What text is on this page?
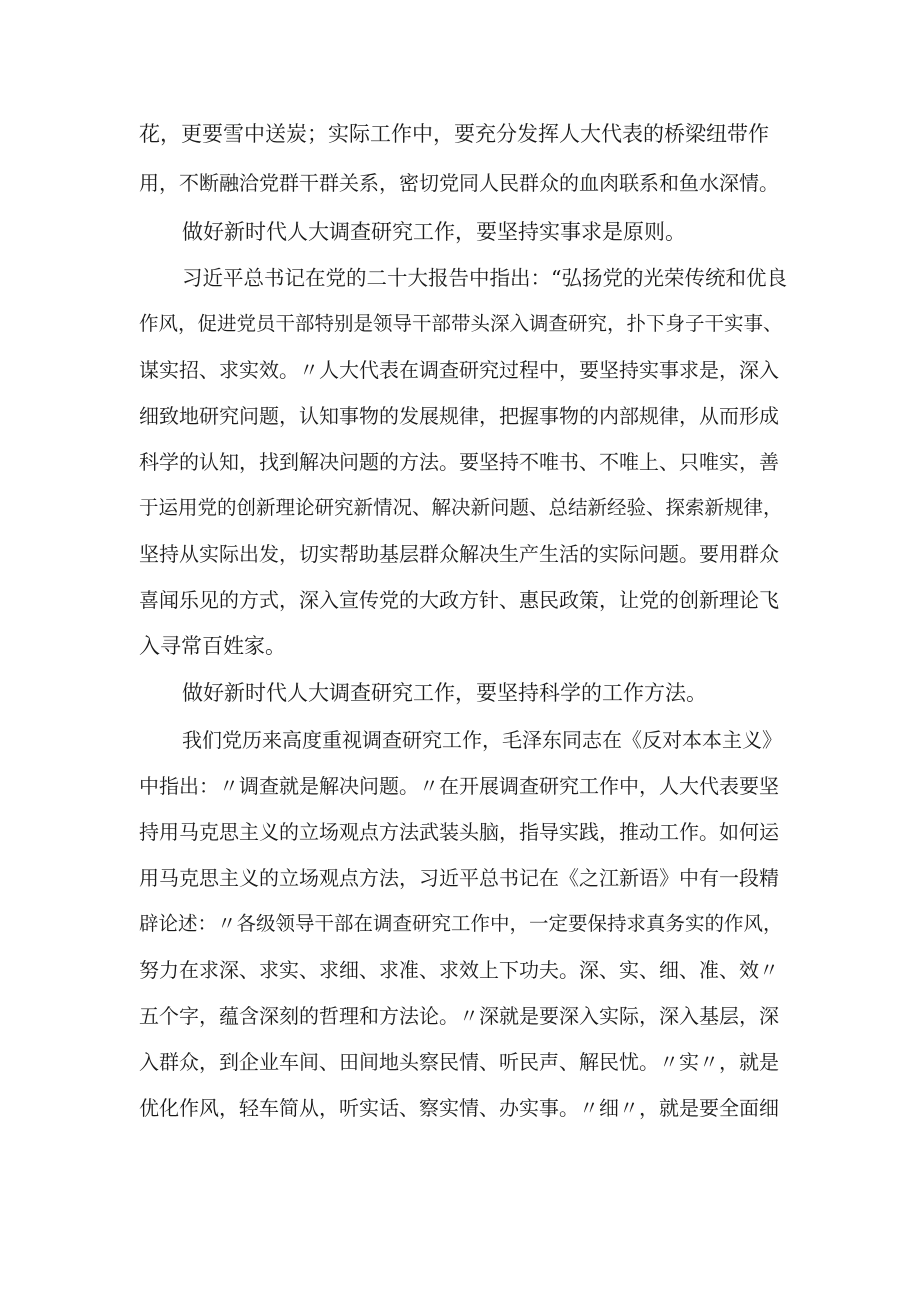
花，更要雪中送炭；实际工作中，要充分发挥人大代表的桥梁纽带作
用，不断融洽党群干群关系，密切党同人民群众的血肉联系和鱼水深情。
做好新时代人大调查研究工作，要坚持实事求是原则。
习近平总书记在党的二十大报告中指出：“弘扬党的光荣传统和优良
作风，促进党员干部特别是领导干部带头深入调查研究，扑下身子干实事、
谋实招、求实效。〃人大代表在调查研究过程中，要坚持实事求是，深入
细致地研究问题，认知事物的发展规律，把握事物的内部规律，从而形成
科学的认知，找到解决问题的方法。要坚持不唯书、不唯上、只唯实，善
于运用党的创新理论研究新情况、解决新问题、总结新经验、探索新规律，
坚持从实际出发，切实帮助基层群众解决生产生活的实际问题。要用群众
喜闻乐见的方式，深入宣传党的大政方针、惠民政策，让党的创新理论飞
入寻常百姓家。
做好新时代人大调查研究工作，要坚持科学的工作方法。
我们党历来高度重视调查研究工作，毛泽东同志在《反对本本主义》
中指出：〃调查就是解决问题。〃在开展调查研究工作中，人大代表要坚
持用马克思主义的立场观点方法武装头脑，指导实践，推动工作。如何运
用马克思主义的立场观点方法，习近平总书记在《之江新语》中有一段精
辟论述：〃各级领导干部在调查研究工作中，一定要保持求真务实的作风，
努力在求深、求实、求细、求准、求效上下功夫。深、实、细、准、效〃
五个字，蕴含深刻的哲理和方法论。〃深就是要深入实际，深入基层，深
入群众，到企业车间、田间地头察民情、听民声、解民忧。〃实〃，就是
优化作风，轻车简从，听实话、察实情、办实事。〃细〃，就是要全面细
